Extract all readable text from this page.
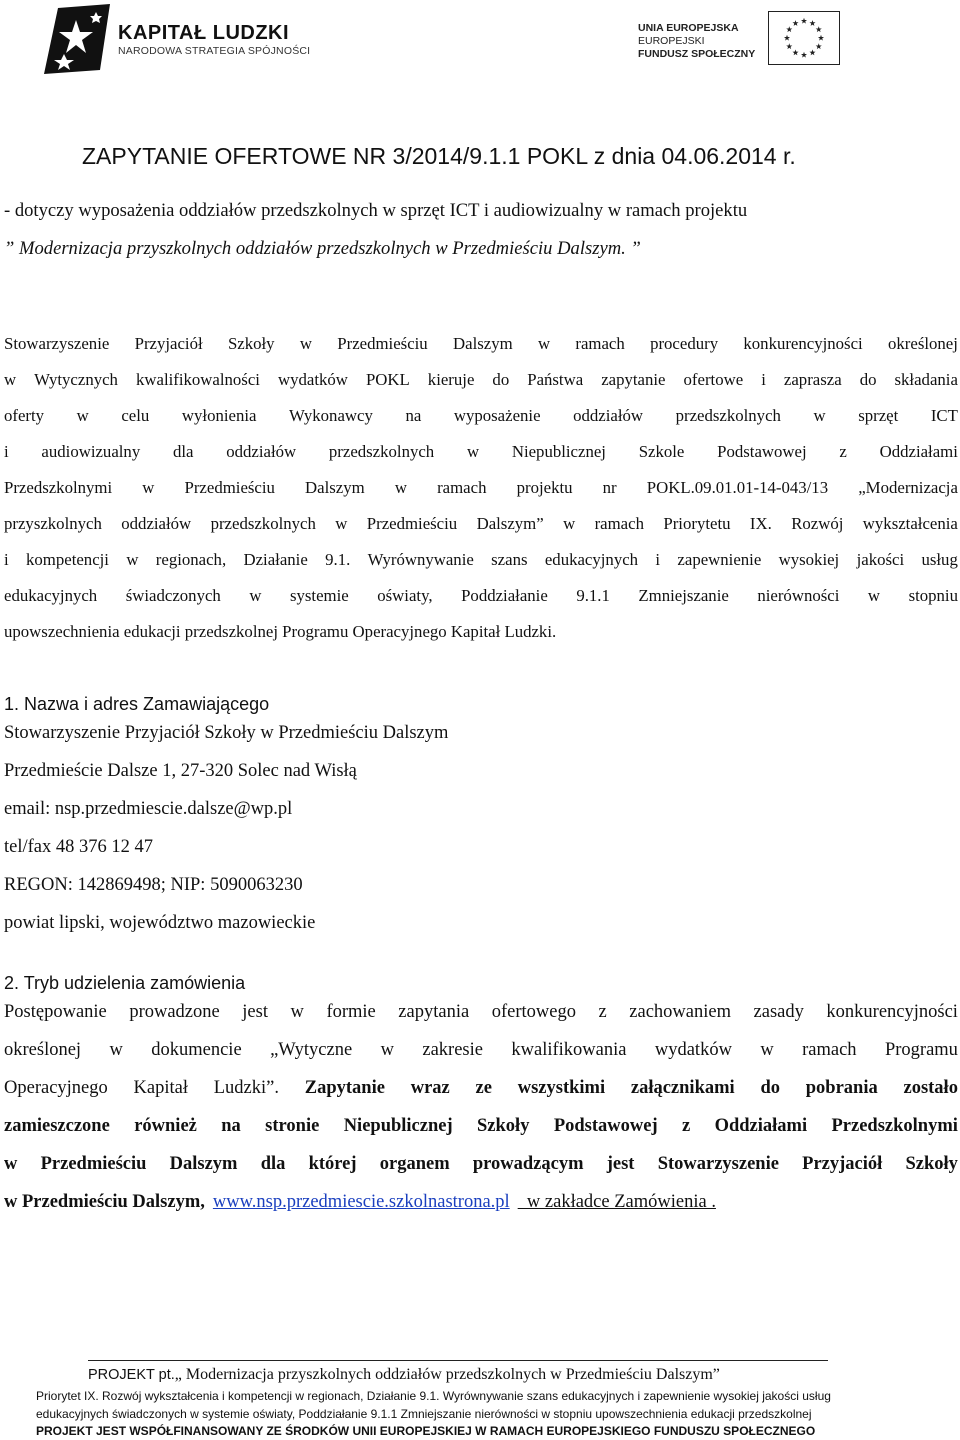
KAPITAŁ LUDZKI
NARODOWA STRATEGIA SPÓJNOŚCI
UNIA EUROPEJSKA
EUROPEJSKI
FUNDUSZ SPOŁECZNY
ZAPYTANIE OFERTOWE NR 3/2014/9.1.1 POKL z dnia 04.06.2014 r.
- dotyczy wyposażenia oddziałów przedszkolnych w sprzęt ICT i audiowizualny w ramach projektu
” Modernizacja przyszkolnych oddziałów przedszkolnych w Przedmieściu Dalszym. ”
Stowarzyszenie Przyjaciół Szkoły w Przedmieściu Dalszym w ramach procedury konkurencyjności określonej
w Wytycznych kwalifikowalności wydatków POKL kieruje do Państwa zapytanie ofertowe i zaprasza do składania
oferty w celu wyłonienia Wykonawcy na wyposażenie oddziałów przedszkolnych w sprzęt ICT
i audiowizualny dla oddziałów przedszkolnych w Niepublicznej Szkole Podstawowej z Oddziałami
Przedszkolnymi w Przedmieściu Dalszym w ramach projektu nr POKL.09.01.01-14-043/13 „Modernizacja
przyszkolnych oddziałów przedszkolnych w Przedmieściu Dalszym” w ramach Priorytetu IX. Rozwój wykształcenia
i kompetencji w regionach, Działanie 9.1. Wyrównywanie szans edukacyjnych i zapewnienie wysokiej jakości usług
edukacyjnych świadczonych w systemie oświaty, Poddziałanie 9.1.1 Zmniejszanie nierówności w stopniu
upowszechnienia edukacji przedszkolnej Programu Operacyjnego Kapitał Ludzki.
1. Nazwa i adres Zamawiającego
Stowarzyszenie Przyjaciół Szkoły w Przedmieściu Dalszym
Przedmieście Dalsze 1, 27-320 Solec nad Wisłą
email: nsp.przedmiescie.dalsze@wp.pl
tel/fax 48 376 12 47
REGON: 142869498; NIP: 5090063230
powiat lipski, województwo mazowieckie
2. Tryb udzielenia zamówienia
Postępowanie prowadzone jest w formie zapytania ofertowego z zachowaniem zasady konkurencyjności
określonej w dokumencie „Wytyczne w zakresie kwalifikowania wydatków w ramach Programu
Operacyjnego Kapitał Ludzki”. Zapytanie wraz ze wszystkimi załącznikami do pobrania zostało
zamieszczone również na stronie Niepublicznej Szkoły Podstawowej z Oddziałami Przedszkolnymi
w Przedmieściu Dalszym dla której organem prowadzącym jest Stowarzyszenie Przyjaciół Szkoły
w Przedmieściu Dalszym, www.nsp.przedmiescie.szkolnastrona.pl w zakładce Zamówienia .
PROJEKT pt.„ Modernizacja przyszkolnych oddziałów przedszkolnych w Przedmieściu Dalszym”
Priorytet IX. Rozwój wykształcenia i kompetencji w regionach, Działanie 9.1. Wyrównywanie szans edukacyjnych i zapewnienie wysokiej jakości usług
edukacyjnych świadczonych w systemie oświaty, Poddziałanie 9.1.1 Zmniejszanie nierówności w stopniu upowszechnienia edukacji przedszkolnej
PROJEKT JEST WSPÓŁFINANSOWANY ZE ŚRODKÓW UNII EUROPEJSKIEJ W RAMACH EUROPEJSKIEGO FUNDUSZU SPOŁECZNEGO
